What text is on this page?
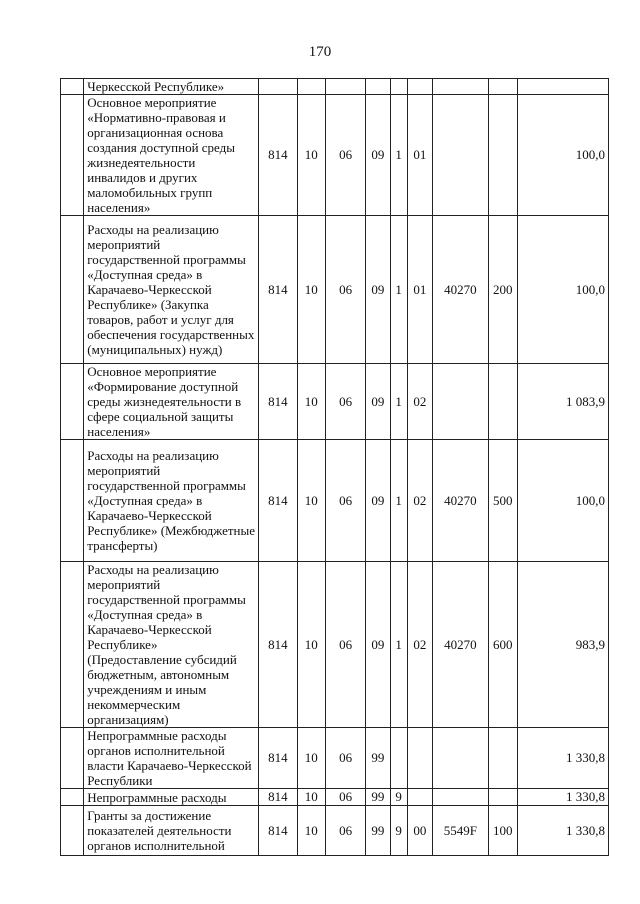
170
	Черкесской Республике»									
	Основное мероприятие «Нормативно-правовая и организационная основа создания доступной среды жизнедеятельности инвалидов и других маломобильных групп населения»	814	10	06	09	1	01			100,0
	Расходы на реализацию мероприятий государственной программы «Доступная среда» в Карачаево-Черкесской Республике» (Закупка товаров, работ и услуг для обеспечения государственных (муниципальных) нужд)	814	10	06	09	1	01	40270	200	100,0
	Основное мероприятие «Формирование доступной среды жизнедеятельности в сфере социальной защиты населения»	814	10	06	09	1	02			1 083,9
	Расходы на реализацию мероприятий государственной программы «Доступная среда» в Карачаево-Черкесской Республике» (Межбюджетные трансферты)	814	10	06	09	1	02	40270	500	100,0
	Расходы на реализацию мероприятий государственной программы «Доступная среда» в Карачаево-Черкесской Республике» (Предоставление субсидий бюджетным, автономным учреждениям и иным некоммерческим организациям)	814	10	06	09	1	02	40270	600	983,9
	Непрограммные расходы органов исполнительной власти Карачаево-Черкесской Республики	814	10	06	99					1 330,8
	Непрограммные расходы	814	10	06	99	9				1 330,8
	Гранты за достижение показателей деятельности органов исполнительной	814	10	06	99	9	00	5549F	100	1 330,8
